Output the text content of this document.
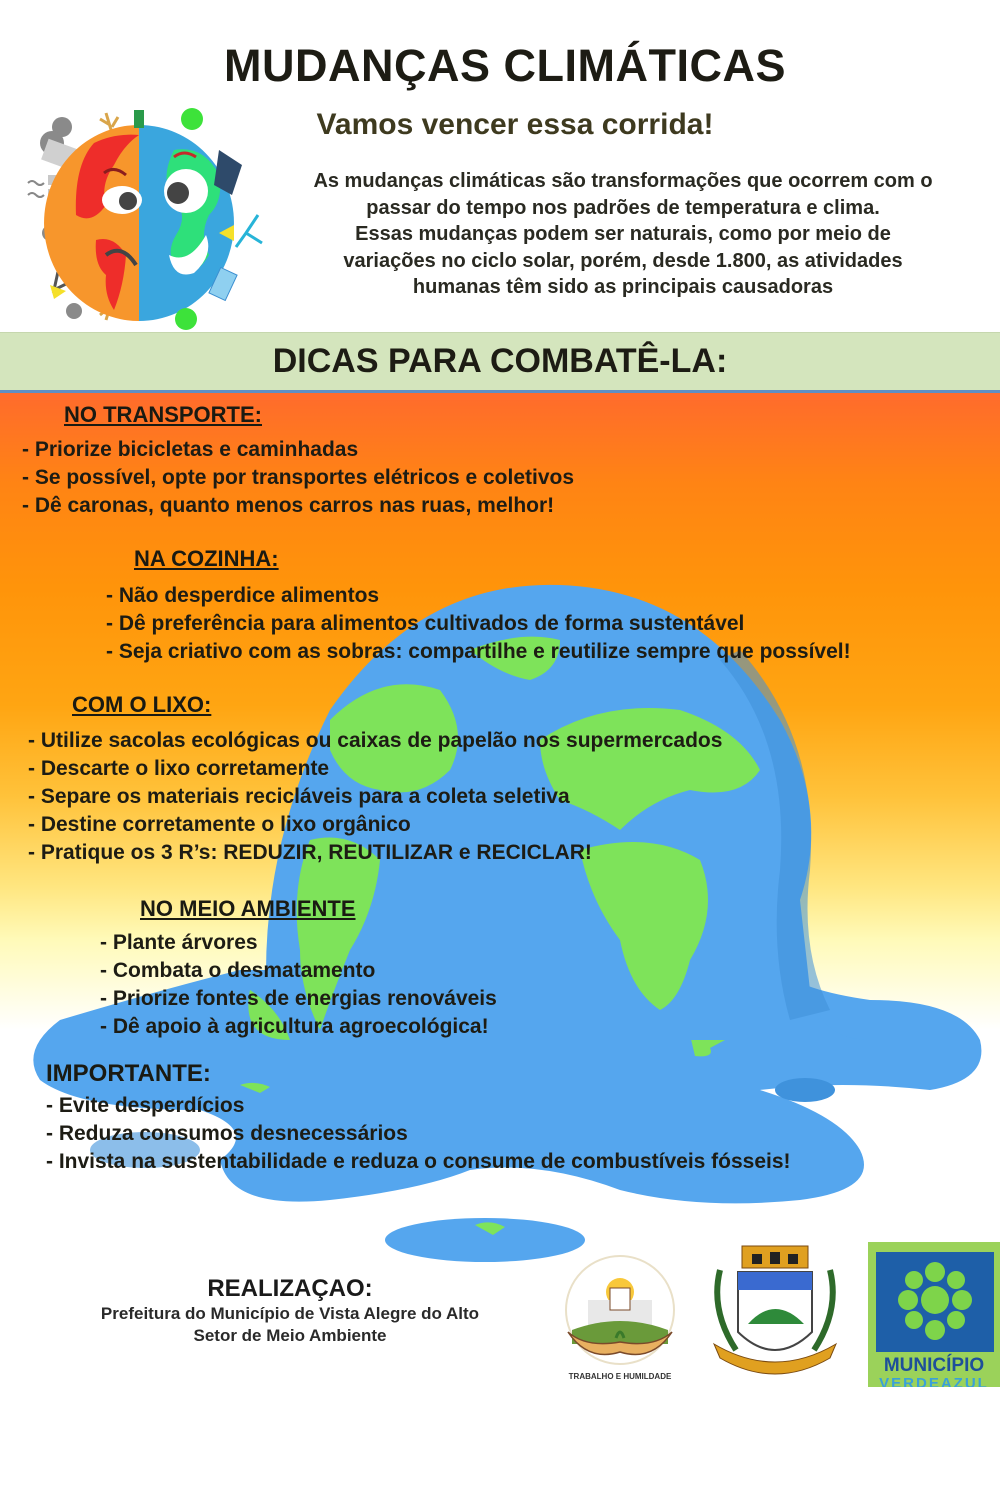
MUDANÇAS CLIMÁTICAS
Vamos vencer essa corrida!
As mudanças climáticas são transformações que ocorrem com o
passar do tempo nos padrões de temperatura e clima.
Essas mudanças podem ser naturais, como por meio de
variações no ciclo solar, porém, desde 1.800, as atividades
humanas têm sido as principais causadoras
DICAS PARA COMBATÊ-LA:
NO TRANSPORTE:
- Priorize bicicletas e caminhadas
- Se possível, opte por transportes elétricos e coletivos
- Dê caronas, quanto menos carros nas ruas, melhor!
NA COZINHA:
- Não desperdice alimentos
- Dê preferência para alimentos cultivados de forma sustentável
- Seja criativo com as sobras: compartilhe e reutilize sempre que possível!
COM O LIXO:
- Utilize sacolas ecológicas ou caixas de papelão nos supermercados
- Descarte o lixo corretamente
- Separe os materiais recicláveis para a coleta seletiva
- Destine corretamente o lixo orgânico
- Pratique os 3 R’s: REDUZIR, REUTILIZAR e RECICLAR!
NO MEIO AMBIENTE
- Plante árvores
- Combata o desmatamento
- Priorize fontes de energias renováveis
- Dê apoio à agricultura agroecológica!
IMPORTANTE:
- Evite desperdícios
- Reduza consumos desnecessários
- Invista na sustentabilidade e reduza o consume de combustíveis fósseis!
REALIZAÇAO:
Prefeitura do Município de Vista Alegre do Alto
Setor de Meio Ambiente
TRABALHO E HUMILDADE
MUNICÍPIO
VERDEAZUL
